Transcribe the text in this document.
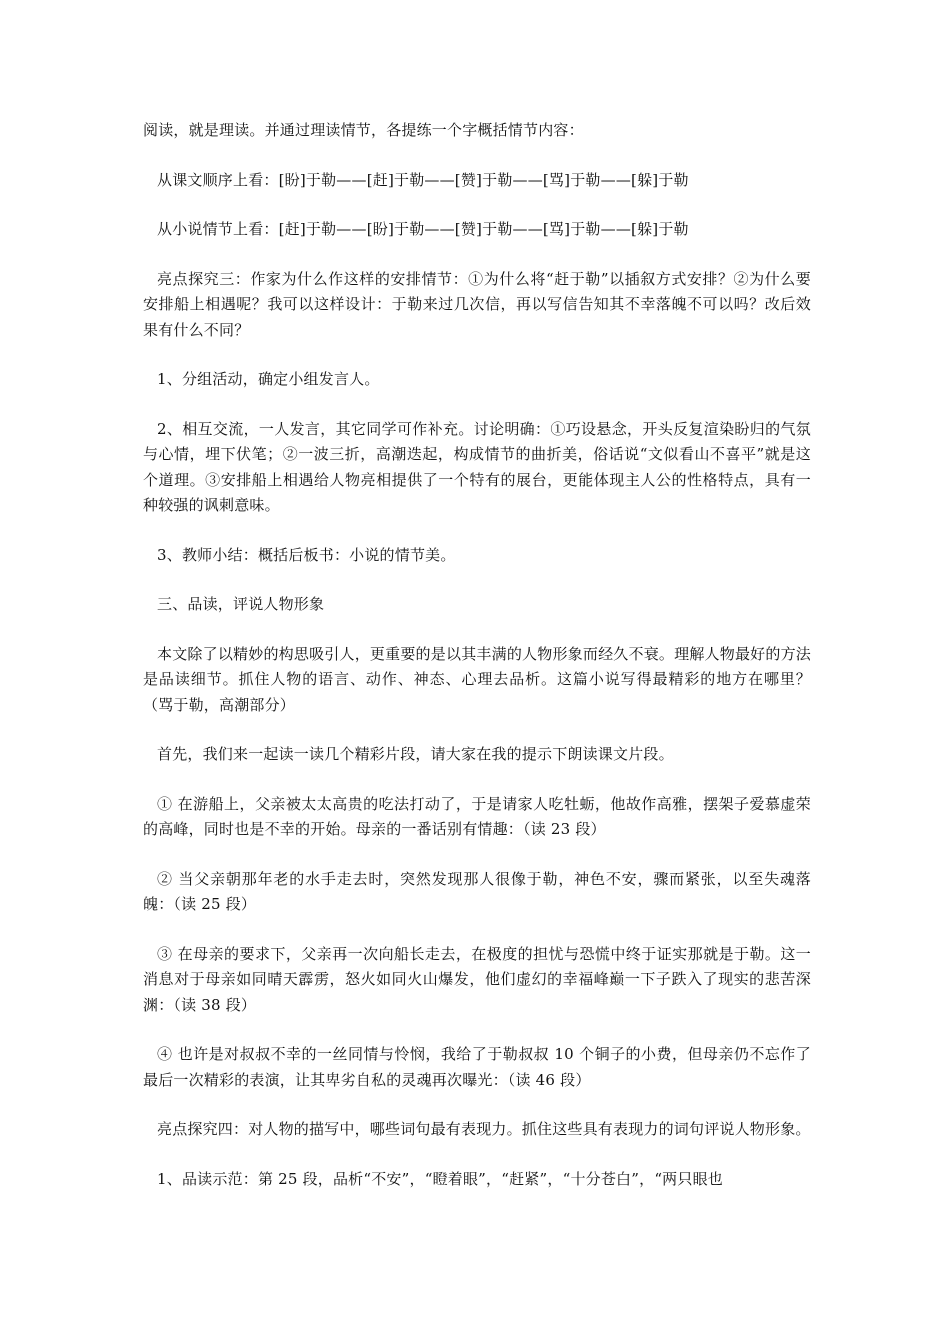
阅读，就是理读。并通过理读情节，各提练一个字概括情节内容：

从课文顺序上看：[盼]于勒——[赶]于勒——[赞]于勒——[骂]于勒——[躲]于勒

从小说情节上看：[赶]于勒——[盼]于勒——[赞]于勒——[骂]于勒——[躲]于勒

亮点探究三：作家为什么作这样的安排情节：①为什么将“赶于勒”以插叙方式安排？②为什么要安排船上相遇呢？我可以这样设计：于勒来过几次信，再以写信告知其不幸落魄不可以吗？改后效果有什么不同？

1、分组活动，确定小组发言人。

2、相互交流，一人发言，其它同学可作补充。讨论明确：①巧设悬念，开头反复渲染盼归的气氛与心情，埋下伏笔；②一波三折，高潮迭起，构成情节的曲折美，俗话说“文似看山不喜平”就是这个道理。③安排船上相遇给人物亮相提供了一个特有的展台，更能体现主人公的性格特点，具有一种较强的讽刺意味。

3、教师小结：概括后板书：小说的情节美。

三、品读，评说人物形象

本文除了以精妙的构思吸引人，更重要的是以其丰满的人物形象而经久不衰。理解人物最好的方法是品读细节。抓住人物的语言、动作、神态、心理去品析。这篇小说写得最精彩的地方在哪里？（骂于勒，高潮部分）

首先，我们来一起读一读几个精彩片段，请大家在我的提示下朗读课文片段。

① 在游船上，父亲被太太高贵的吃法打动了，于是请家人吃牡蛎，他故作高雅，摆架子爱慕虚荣的高峰，同时也是不幸的开始。母亲的一番话别有情趣：（读 23 段）

② 当父亲朝那年老的水手走去时，突然发现那人很像于勒，神色不安，骤而紧张，以至失魂落魄：（读 25 段）

③ 在母亲的要求下，父亲再一次向船长走去，在极度的担忧与恐慌中终于证实那就是于勒。这一消息对于母亲如同晴天霹雳，怒火如同火山爆发，他们虚幻的幸福峰巅一下子跌入了现实的悲苦深渊：（读 38 段）

④ 也许是对叔叔不幸的一丝同情与怜悯，我给了于勒叔叔 10 个铜子的小费，但母亲仍不忘作了最后一次精彩的表演，让其卑劣自私的灵魂再次曝光：（读 46 段）

亮点探究四：对人物的描写中，哪些词句最有表现力。抓住这些具有表现力的词句评说人物形象。

1、品读示范：第 25 段，品析“不安”，“瞪着眼”，“赶紧”，“十分苍白”，“两只眼也
